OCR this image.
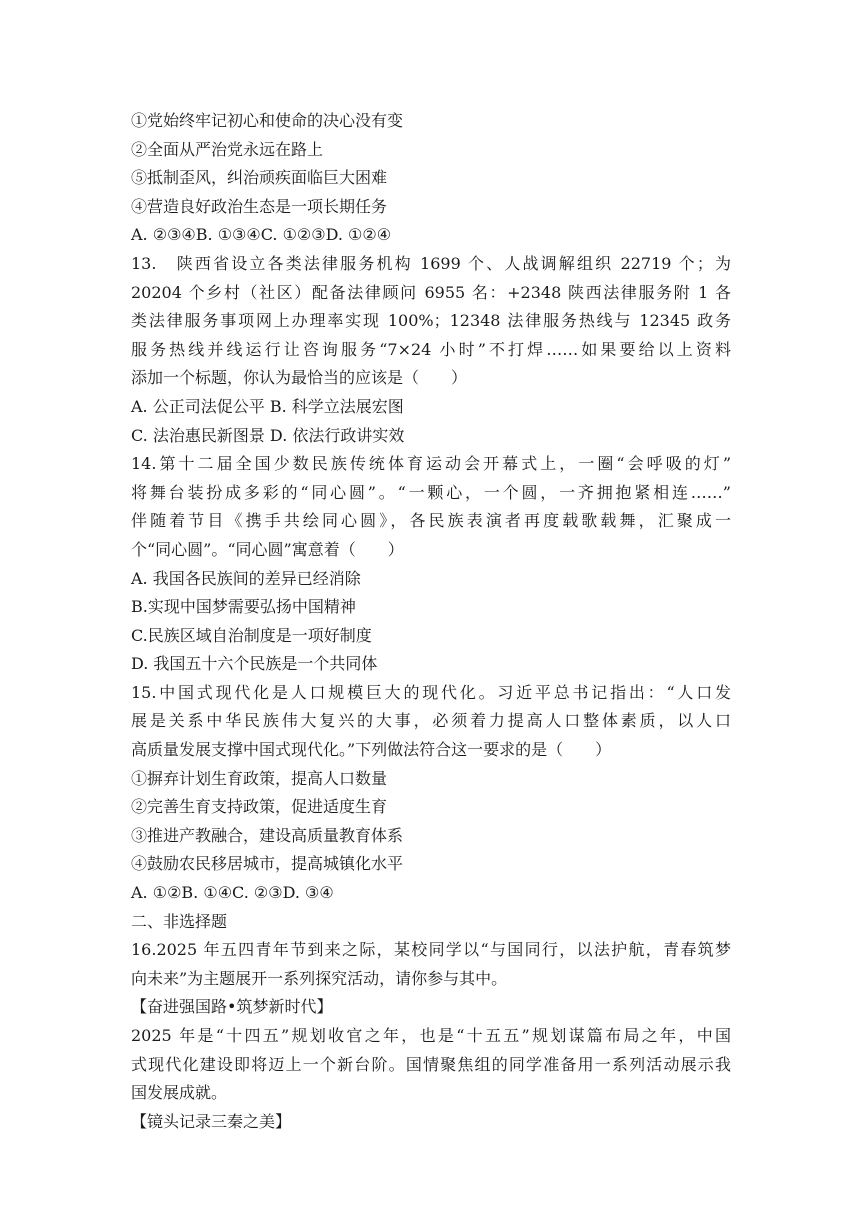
①党始终牢记初心和使命的决心没有变
②全面从严治党永远在路上
⑤抵制歪风，纠治顽疾面临巨大困难
④营造良好政治生态是一项长期任务
A. ②③④B. ①③④C. ①②③D. ①②④
13.　陕西省设立各类法律服务机构 1699 个、人战调解组织 22719 个；为
20204 个乡村（社区）配备法律顾问 6955 名：+2348 陕西法律服务附 1 各
类法律服务事项网上办理率实现 100%；12348 法律服务热线与 12345 政务
服务热线并线运行让咨询服务“7×24 小时”不打焊……如果要给以上资料
添加一个标题，你认为最恰当的应该是（　　）
A. 公正司法促公平 B. 科学立法展宏图
C. 法治惠民新图景 D. 依法行政讲实效
14.第十二届全国少数民族传统体育运动会开幕式上，一圈“会呼吸的灯”
将舞台装扮成多彩的“同心圆”。“一颗心，一个圆，一齐拥抱紧相连……”
伴随着节目《携手共绘同心圆》，各民族表演者再度载歌载舞，汇聚成一
个“同心圆”。“同心圆”寓意着（　　）
A. 我国各民族间的差异已经消除
B.实现中国梦需要弘扬中国精神
C.民族区域自治制度是一项好制度
D. 我国五十六个民族是一个共同体
15.中国式现代化是人口规模巨大的现代化。习近平总书记指出：“人口发
展是关系中华民族伟大复兴的大事，必须着力提高人口整体素质，以人口
高质量发展支撑中国式现代化。”下列做法符合这一要求的是（　　）
①摒弃计划生育政策，提高人口数量
②完善生育支持政策，促进适度生育
③推进产教融合，建设高质量教育体系
④鼓励农民移居城市，提高城镇化水平
A. ①②B. ①④C. ②③D. ③④
二、非选择题
16.2025 年五四青年节到来之际，某校同学以“与国同行，以法护航，青春筑梦
向未来”为主题展开一系列探究活动，请你参与其中。
【奋进强国路•筑梦新时代】
2025 年是“十四五”规划收官之年，也是“十五五”规划谋篇布局之年，中国
式现代化建设即将迈上一个新台阶。国情聚焦组的同学准备用一系列活动展示我
国发展成就。
【镜头记录三秦之美】
